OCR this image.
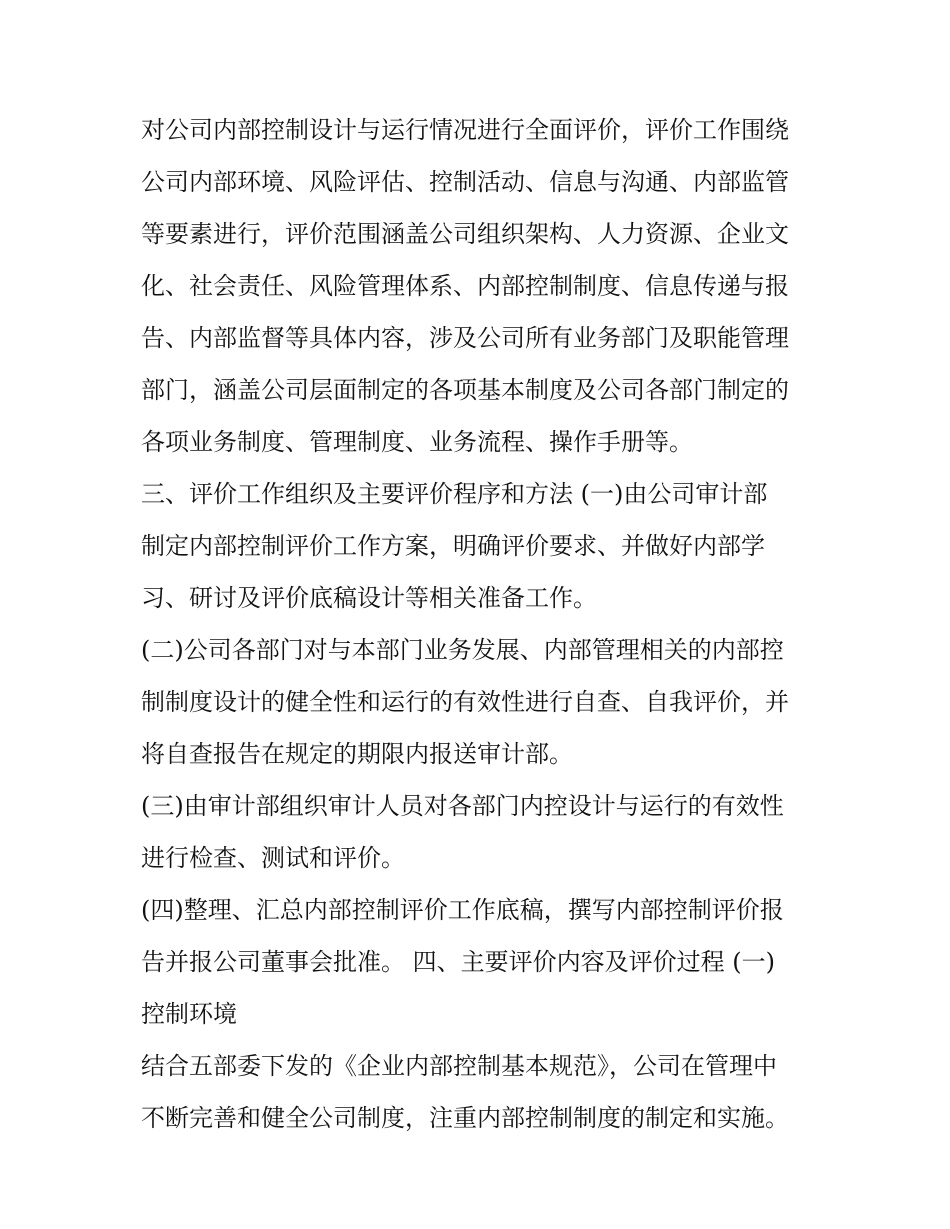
对公司内部控制设计与运行情况进行全面评价，评价工作围绕
公司内部环境、风险评估、控制活动、信息与沟通、内部监管
等要素进行，评价范围涵盖公司组织架构、人力资源、企业文
化、社会责任、风险管理体系、内部控制制度、信息传递与报
告、内部监督等具体内容，涉及公司所有业务部门及职能管理
部门，涵盖公司层面制定的各项基本制度及公司各部门制定的
各项业务制度、管理制度、业务流程、操作手册等。
三、评价工作组织及主要评价程序和方法 (一)由公司审计部
制定内部控制评价工作方案，明确评价要求、并做好内部学
习、研讨及评价底稿设计等相关准备工作。
(二)公司各部门对与本部门业务发展、内部管理相关的内部控
制制度设计的健全性和运行的有效性进行自查、自我评价，并
将自查报告在规定的期限内报送审计部。
(三)由审计部组织审计人员对各部门内控设计与运行的有效性
进行检查、测试和评价。
(四)整理、汇总内部控制评价工作底稿，撰写内部控制评价报
告并报公司董事会批准。 四、主要评价内容及评价过程 (一)
控制环境
结合五部委下发的《企业内部控制基本规范》，公司在管理中
不断完善和健全公司制度，注重内部控制制度的制定和实施。
